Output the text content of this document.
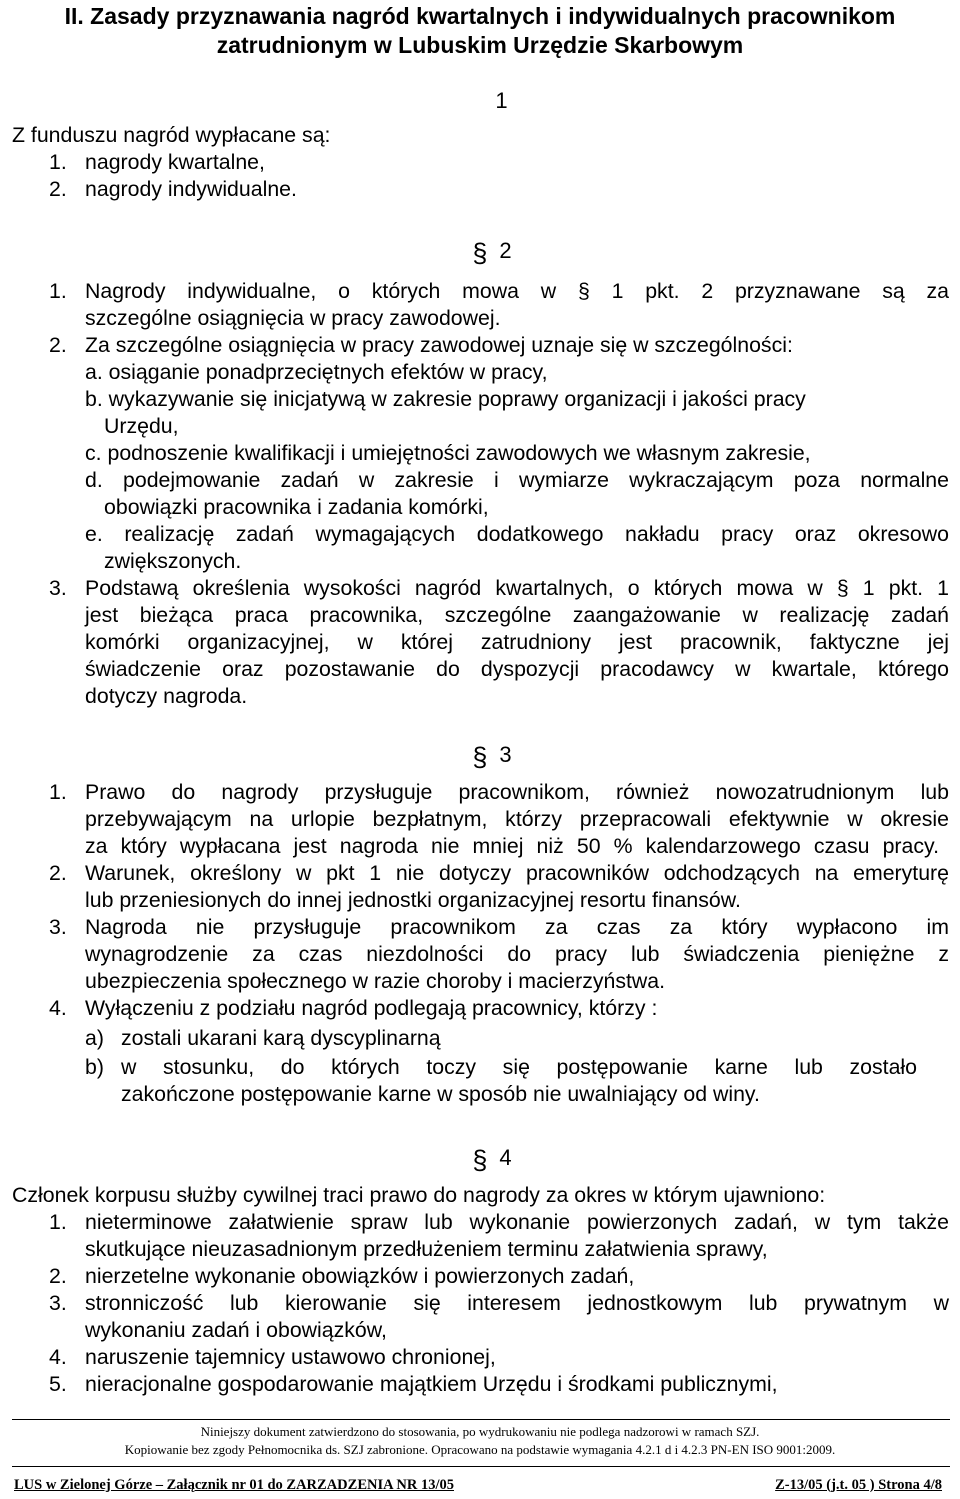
II. Zasady przyznawania nagród kwartalnych i indywidualnych pracownikom
zatrudnionym w Lubuskim Urzędzie Skarbowym
1
Z funduszu nagród wypłacane są:
1. nagrody kwartalne,
2. nagrody indywidualne.
§ 2
1. Nagrody indywidualne, o których mowa w § 1 pkt. 2 przyznawane są za
szczególne osiągnięcia w pracy zawodowej.
2. Za szczególne osiągnięcia w pracy zawodowej uznaje się w szczególności:
a. osiąganie ponadprzeciętnych efektów w pracy,
b. wykazywanie się inicjatywą w zakresie poprawy organizacji i jakości pracy
Urzędu,
c. podnoszenie kwalifikacji i umiejętności zawodowych we własnym zakresie,
d. podejmowanie zadań w zakresie i wymiarze wykraczającym poza normalne
obowiązki pracownika i zadania komórki,
e. realizację zadań wymagających dodatkowego nakładu pracy oraz okresowo
zwiększonych.
3. Podstawą określenia wysokości nagród kwartalnych, o których mowa w § 1 pkt. 1
jest bieżąca praca pracownika, szczególne zaangażowanie w realizację zadań
komórki organizacyjnej, w której zatrudniony jest pracownik, faktyczne jej
świadczenie oraz pozostawanie do dyspozycji pracodawcy w kwartale, którego
dotyczy nagroda.
§ 3
1. Prawo do nagrody przysługuje pracownikom, również nowozatrudnionym lub
przebywającym na urlopie bezpłatnym, którzy przepracowali efektywnie w okresie
za który wypłacana jest nagroda nie mniej niż 50 % kalendarzowego czasu pracy.
2. Warunek, określony w pkt 1 nie dotyczy pracowników odchodzących na emeryturę
lub przeniesionych do innej jednostki organizacyjnej resortu finansów.
3. Nagroda nie przysługuje pracownikom za czas za który wypłacono im
wynagrodzenie za czas niezdolności do pracy lub świadczenia pieniężne z
ubezpieczenia społecznego w razie choroby i macierzyństwa.
4. Wyłączeniu z podziału nagród podlegają pracownicy, którzy :
a) zostali ukarani karą dyscyplinarną
b) w stosunku, do których toczy się postępowanie karne lub zostało
zakończone postępowanie karne w sposób nie uwalniający od winy.
§ 4
Członek korpusu służby cywilnej traci prawo do nagrody za okres w którym ujawniono:
1. nieterminowe załatwienie spraw lub wykonanie powierzonych zadań, w tym także
skutkujące nieuzasadnionym przedłużeniem terminu załatwienia sprawy,
2. nierzetelne wykonanie obowiązków i powierzonych zadań,
3. stronniczość lub kierowanie się interesem jednostkowym lub prywatnym w
wykonaniu zadań i obowiązków,
4. naruszenie tajemnicy ustawowo chronionej,
5. nieracjonalne gospodarowanie majątkiem Urzędu i środkami publicznymi,
Niniejszy dokument zatwierdzono do stosowania, po wydrukowaniu nie podlega nadzorowi w ramach SZJ.
Kopiowanie bez zgody Pełnomocnika ds. SZJ zabronione. Opracowano na podstawie wymagania 4.2.1 d i 4.2.3 PN-EN ISO 9001:2009.
LUS w Zielonej Górze – Załącznik nr 01 do ZARZADZENIA NR 13/05	Z-13/05 (j.t. 05 ) Strona 4/8
